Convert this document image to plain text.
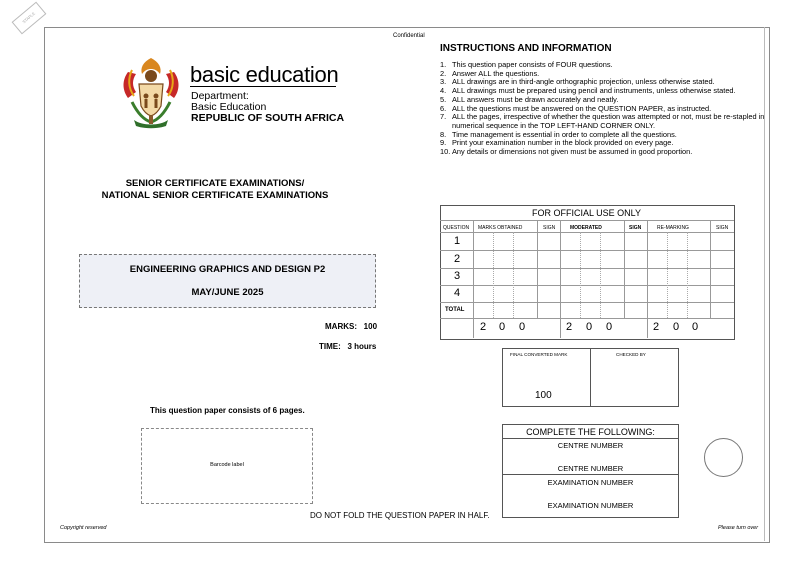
STAPLE
Confidential
basic education
Department:
Basic Education
REPUBLIC OF SOUTH AFRICA
SENIOR CERTIFICATE EXAMINATIONS/
NATIONAL SENIOR CERTIFICATE EXAMINATIONS
ENGINEERING GRAPHICS AND DESIGN P2
MAY/JUNE 2025
MARKS:   100
TIME:   3 hours
This question paper consists of 6 pages.
Barcode label
INSTRUCTIONS AND INFORMATION
1. This question paper consists of FOUR questions.
2. Answer ALL the questions.
3. ALL drawings are in third-angle orthographic projection, unless otherwise stated.
4. ALL drawings must be prepared using pencil and instruments, unless otherwise stated.
5. ALL answers must be drawn accurately and neatly.
6. ALL the questions must be answered on the QUESTION PAPER, as instructed.
7. ALL the pages, irrespective of whether the question was attempted or not, must be re-stapled in numerical sequence in the TOP LEFT-HAND CORNER ONLY.
8. Time management is essential in order to complete all the questions.
9. Print your examination number in the block provided on every page.
10. Any details or dimensions not given must be assumed in good proportion.
FOR OFFICIAL USE ONLY
QUESTION MARKS OBTAINED	SIGN	MODERATED	SIGN	RE-MARKING	SIGN
1
2
3
4
TOTAL
2 0 0	2 0 0	2 0 0
FINAL CONVERTED MARK	CHECKED BY
100
COMPLETE THE FOLLOWING:
CENTRE NUMBER
CENTRE NUMBER
EXAMINATION NUMBER
EXAMINATION NUMBER
Copyright reserved
DO NOT FOLD THE QUESTION PAPER IN HALF.
Please turn over
